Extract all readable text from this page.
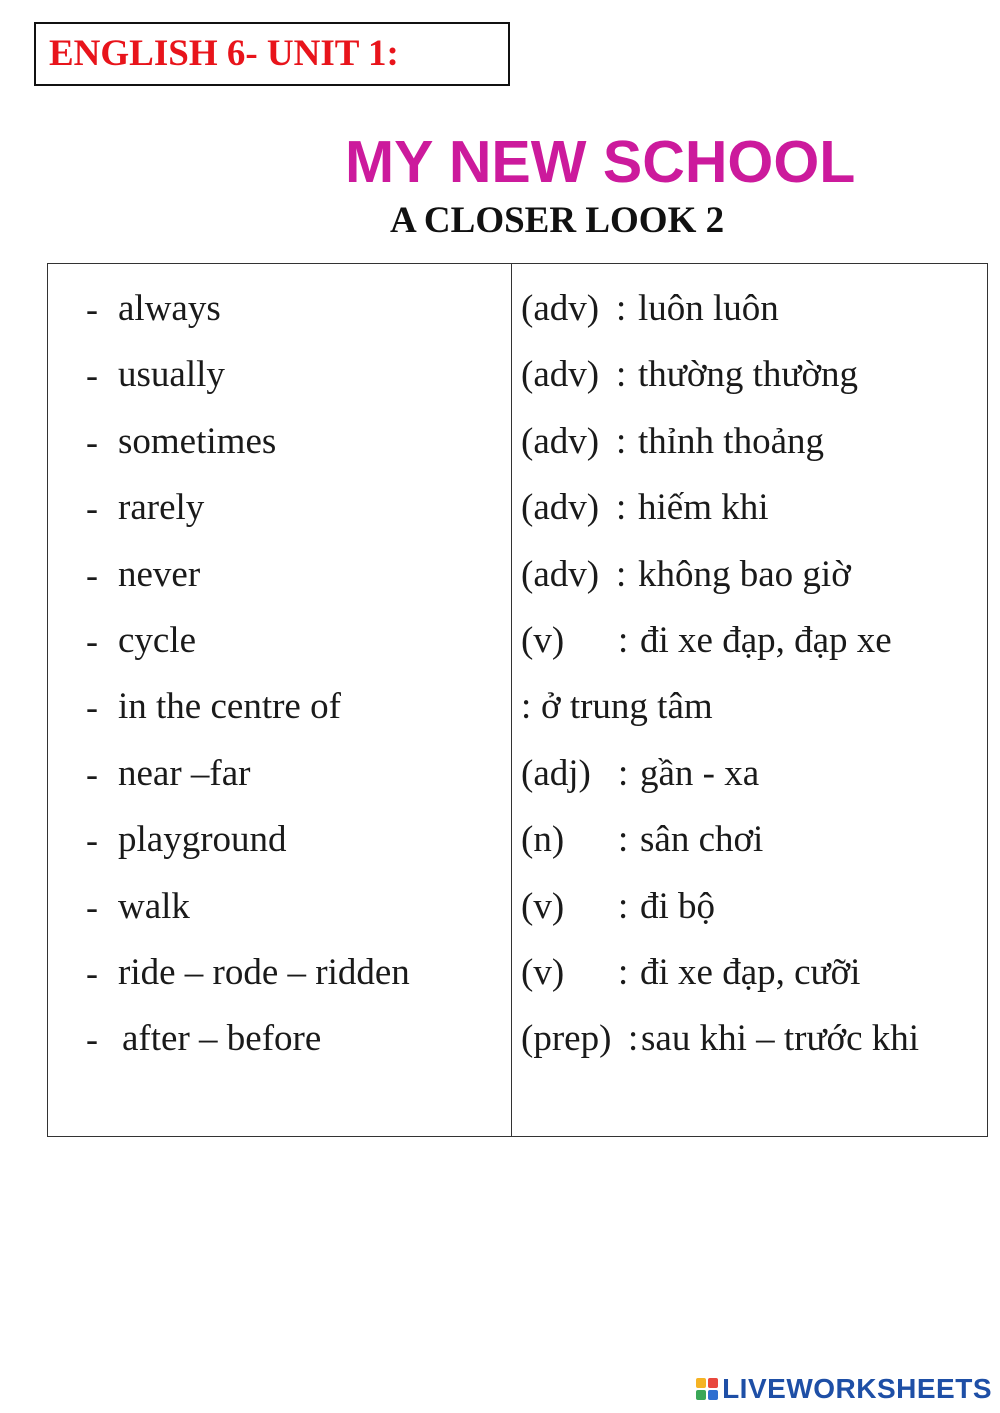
ENGLISH 6- UNIT 1:
MY NEW SCHOOL
A CLOSER LOOK 2
- always	(adv) : luôn luôn
- usually	(adv) : thường thường
- sometimes	(adv) : thỉnh thoảng
- rarely	(adv) : hiếm khi
- never	(adv) : không bao giờ
- cycle	(v) : đi xe đạp, đạp xe
- in the centre of	: ở trung tâm
- near –far	(adj) : gần - xa
- playground	(n) : sân chơi
- walk	(v) : đi bộ
- ride – rode – ridden	(v) : đi xe đạp, cưỡi
- after – before	(prep) : sau khi – trước khi
LIVEWORKSHEETS
